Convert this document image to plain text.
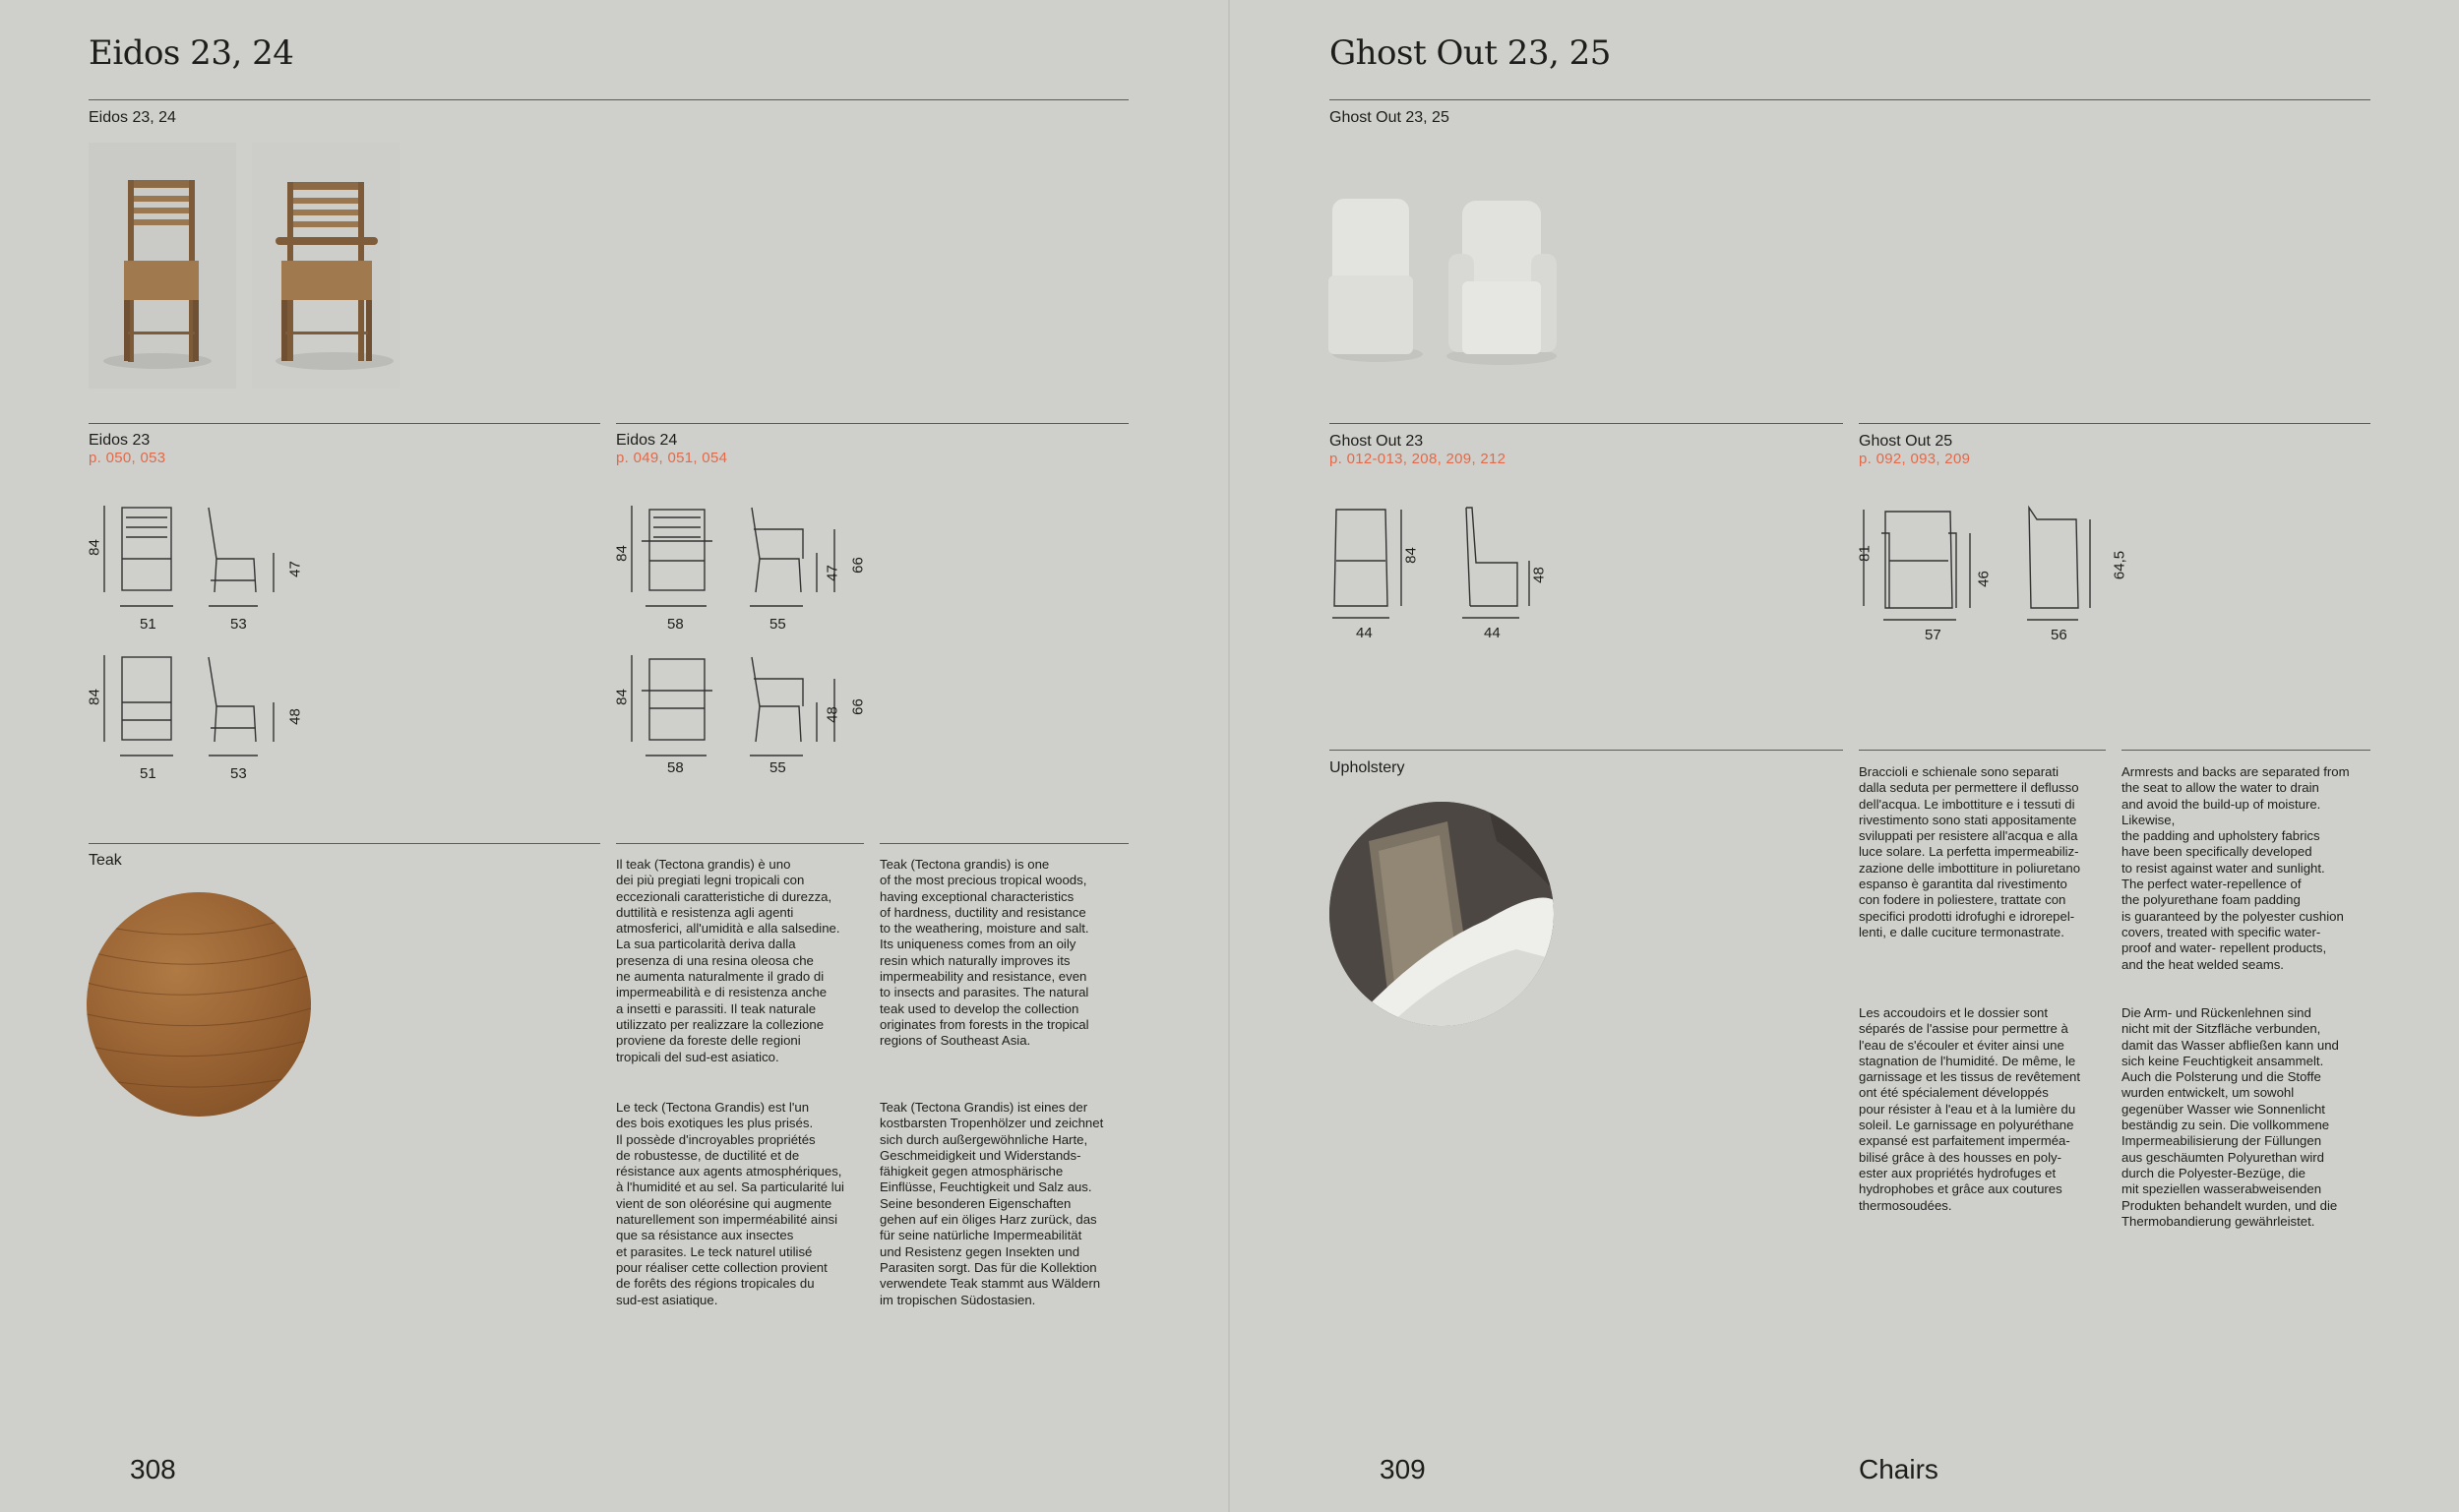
Eidos 23, 24
Eidos 23, 24
Eidos 23
p. 050, 053
Eidos 24
p. 049, 051, 054
84
51	53
47
84
51	53
48
84
58	55
47 66
84
58	55
48 66
Teak	Il teak (Tectona grandis) è uno
dei più pregiati legni tropicali con
eccezionali caratteristiche di durezza,
duttilità e resistenza agli agenti
atmosferici, all'umidità e alla salsedine.
La sua particolarità deriva dalla
presenza di una resina oleosa che
ne aumenta naturalmente il grado di
impermeabilità e di resistenza anche
a insetti e parassiti. Il teak naturale
utilizzato per realizzare la collezione
proviene da foreste delle regioni
tropicali del sud-est asiatico.
Teak (Tectona grandis) is one
of the most precious tropical woods,
having exceptional characteristics
of hardness, ductility and resistance
to the weathering, moisture and salt.
Its uniqueness comes from an oily
resin which naturally improves its
impermeability and resistance, even
to insects and parasites. The natural
teak used to develop the collection
originates from forests in the tropical
regions of Southeast Asia.
Le teck (Tectona Grandis) est l'un
des bois exotiques les plus prisés.
Il possède d'incroyables propriétés
de robustesse, de ductilité et de
résistance aux agents atmosphériques,
à l'humidité et au sel. Sa particularité lui
vient de son oléorésine qui augmente
naturellement son imperméabilité ainsi
que sa résistance aux insectes
et parasites. Le teck naturel utilisé
pour réaliser cette collection provient
de forêts des régions tropicales du
sud-est asiatique.
Teak (Tectona Grandis) ist eines der
kostbarsten Tropenhölzer und zeichnet
sich durch außergewöhnliche Harte,
Geschmeidigkeit und Widerstands-
fähigkeit gegen atmosphärische
Einflüsse, Feuchtigkeit und Salz aus.
Seine besonderen Eigenschaften
gehen auf ein öliges Harz zurück, das
für seine natürliche Impermeabilität
und Resistenz gegen Insekten und
Parasiten sorgt. Das für die Kollektion
verwendete Teak stammt aus Wäldern
im tropischen Südostasien.
308
Ghost Out 23, 25
Ghost Out 23, 25
Ghost Out 23
p. 012-013, 208, 209, 212
Ghost Out 25
p. 092, 093, 209
44
84
44
48
81
57
46
56
64,5
Upholstery	Braccioli e schienale sono separati
dalla seduta per permettere il deflusso
dell'acqua. Le imbottiture e i tessuti di
rivestimento sono stati appositamente
sviluppati per resistere all'acqua e alla
luce solare. La perfetta impermeabiliz-
zazione delle imbottiture in poliuretano
espanso è garantita dal rivestimento
con fodere in poliestere, trattate con
specifici prodotti idrofughi e idrorepel-
lenti, e dalle cuciture termonastrate.
Armrests and backs are separated from
the seat to allow the water to drain
and avoid the build-up of moisture.
Likewise,
the padding and upholstery fabrics
have been specifically developed
to resist against water and sunlight.
The perfect water-repellence of
the polyurethane foam padding
is guaranteed by the polyester cushion
covers, treated with specific water-
proof and water- repellent products,
and the heat welded seams.
Les accoudoirs et le dossier sont
séparés de l'assise pour permettre à
l'eau de s'écouler et éviter ainsi une
stagnation de l'humidité. De même, le
garnissage et les tissus de revêtement
ont été spécialement développés
pour résister à l'eau et à la lumière du
soleil. Le garnissage en polyuréthane
expansé est parfaitement imperméa-
bilisé grâce à des housses en poly-
ester aux propriétés hydrofuges et
hydrophobes et grâce aux coutures
thermosoudées.
Die Arm- und Rückenlehnen sind
nicht mit der Sitzfläche verbunden,
damit das Wasser abfließen kann und
sich keine Feuchtigkeit ansammelt.
Auch die Polsterung und die Stoffe
wurden entwickelt, um sowohl
gegenüber Wasser wie Sonnenlicht
beständig zu sein. Die vollkommene
Impermeabilisierung der Füllungen
aus geschäumten Polyurethan wird
durch die Polyester-Bezüge, die
mit speziellen wasserabweisenden
Produkten behandelt wurden, und die
Thermobandierung gewährleistet.
309	Chairs
